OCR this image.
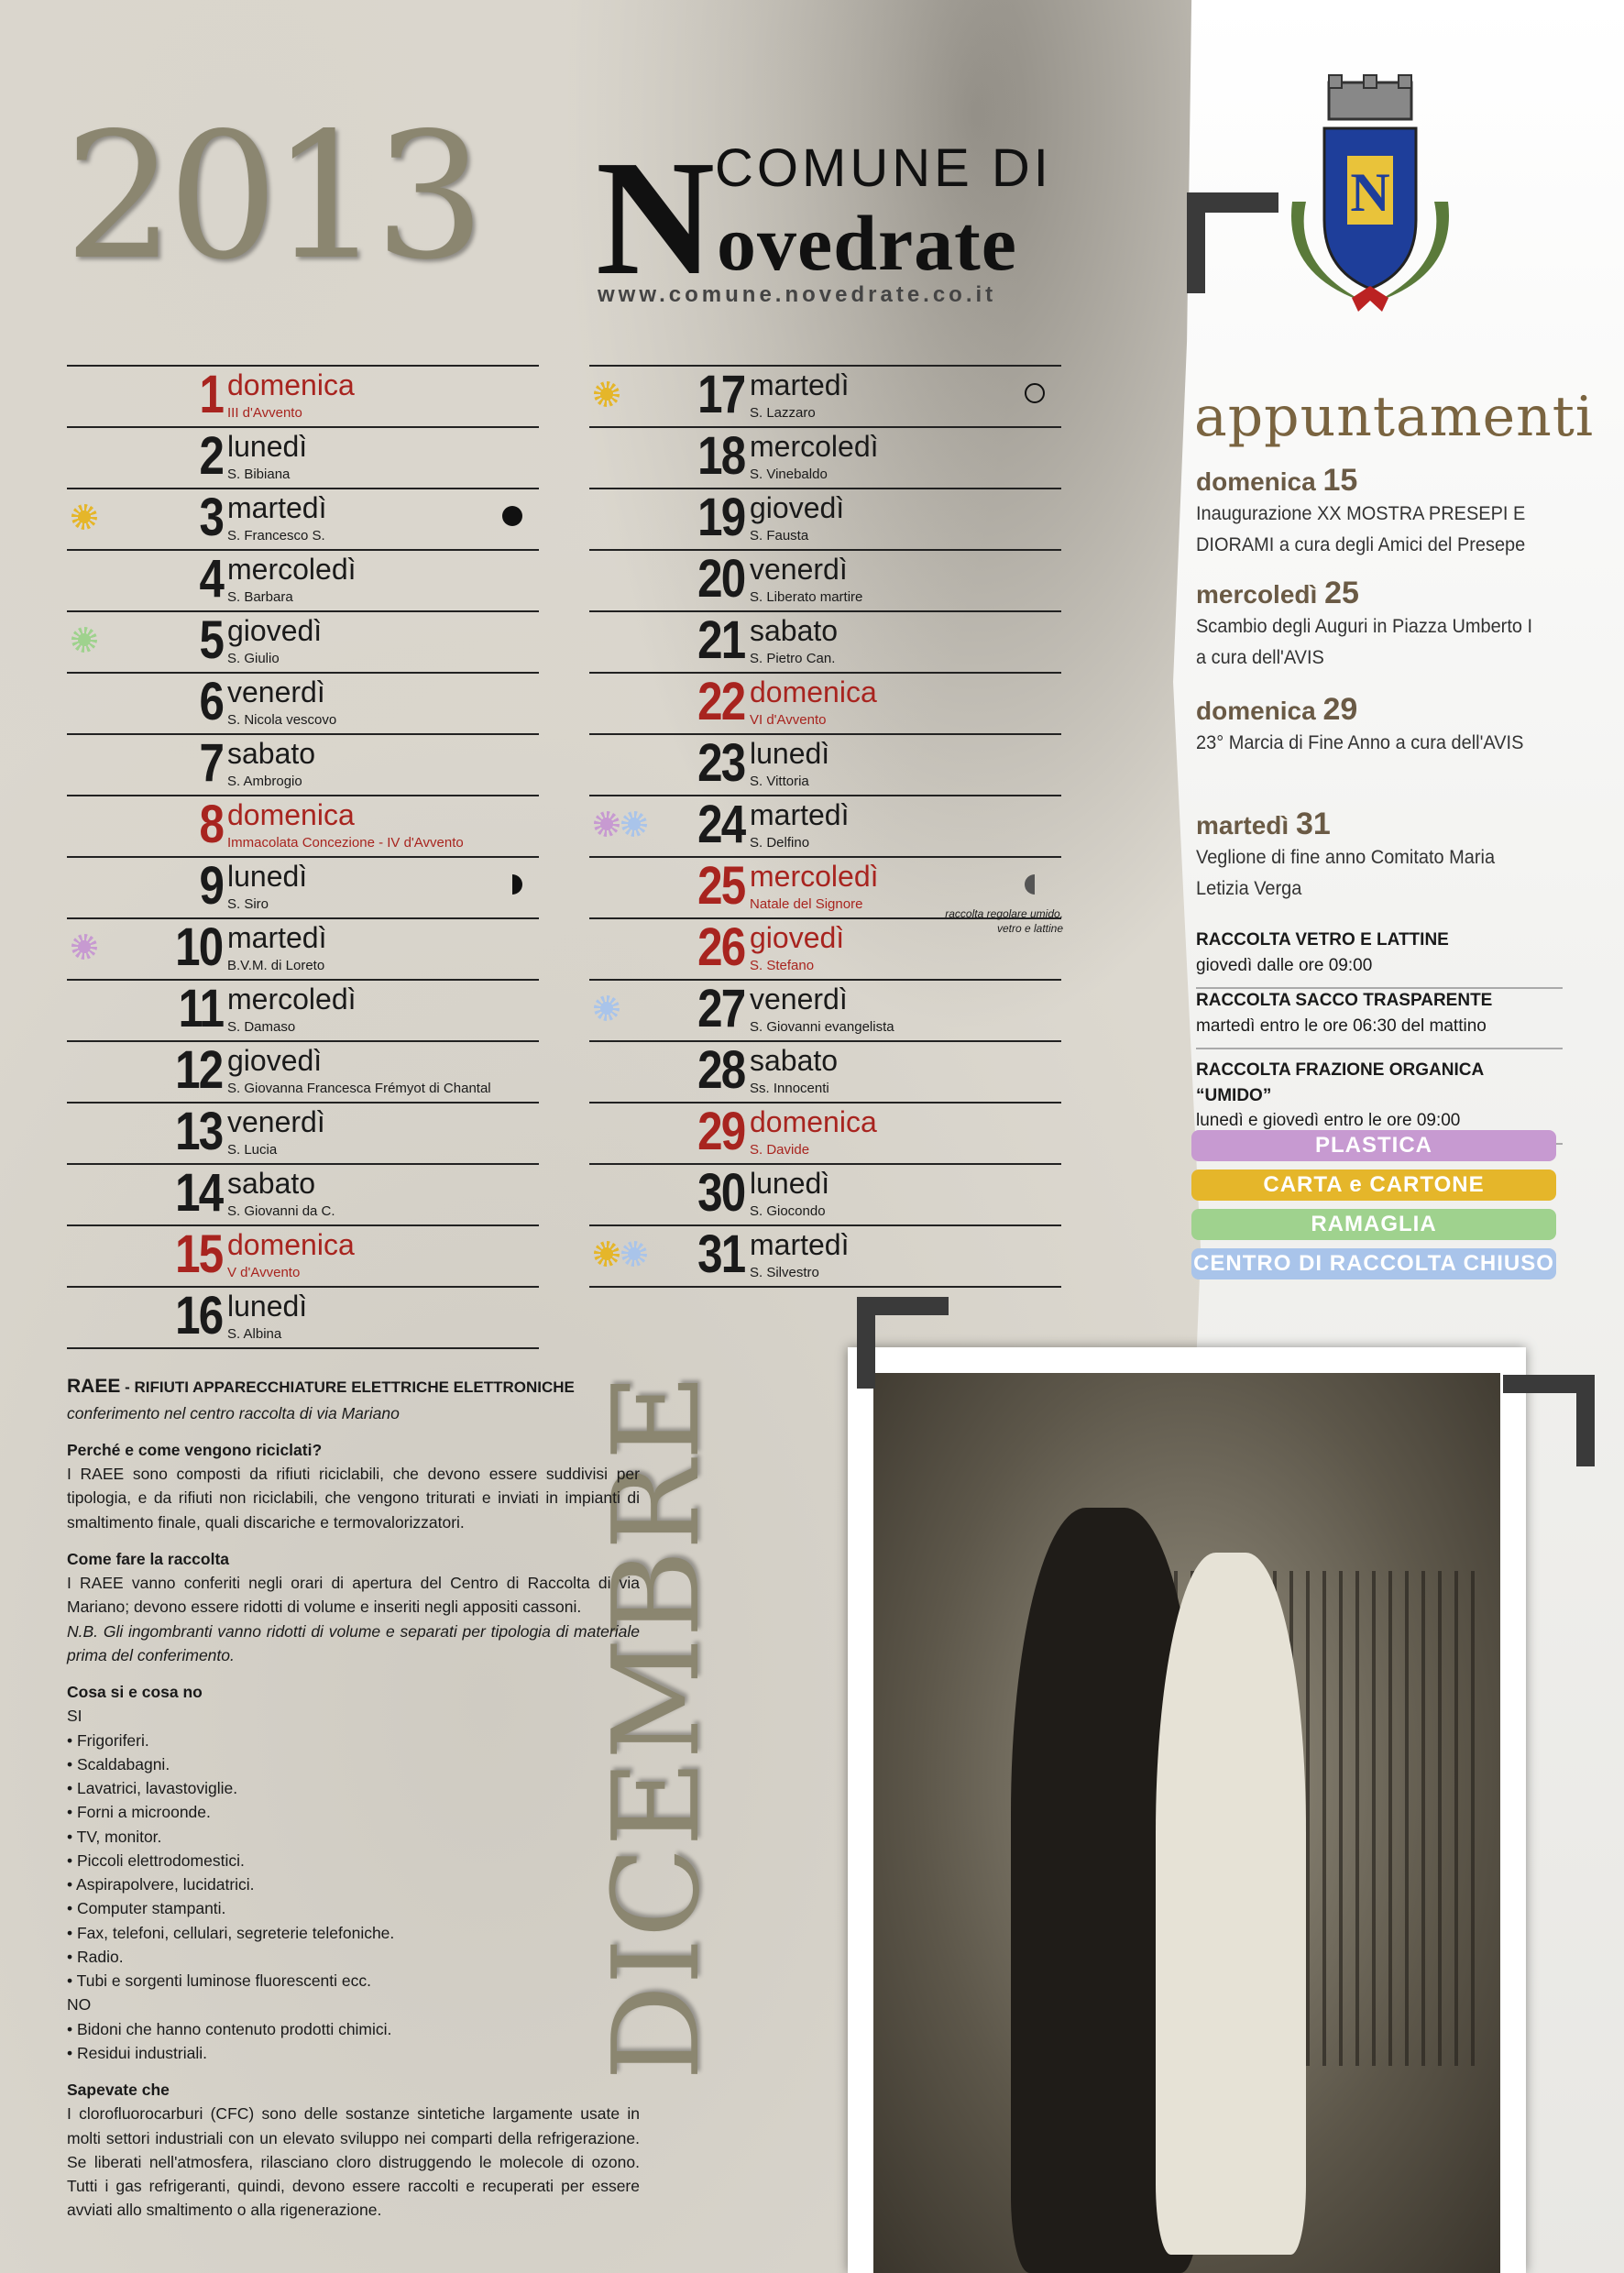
2013 N COMUNE DI
ovedrate
www.comune.novedrate.co.it
N
1 domenica
III d'Avvento
2 lunedì
S. Bibiana
3 martedì
S. Francesco S.
4 mercoledì
S. Barbara
5 giovedì
S. Giulio
6 venerdì
S. Nicola vescovo
7 sabato
S. Ambrogio
8 domenica
Immacolata Concezione - IV d'Avvento
9 lunedì
S. Siro
10 martedì
B.V.M. di Loreto
11 mercoledì
S. Damaso
12 giovedì
S. Giovanna Francesca Frémyot di Chantal
13 venerdì
S. Lucia
14 sabato
S. Giovanni da C.
15 domenica
V d'Avvento
16 lunedì
S. Albina
17 martedì
S. Lazzaro
18 mercoledì
S. Vinebaldo
19 giovedì
S. Fausta
20 venerdì
S. Liberato martire
21 sabato
S. Pietro Can.
22 domenica
VI d'Avvento
23 lunedì
S. Vittoria
24 martedì
S. Delfino
25 mercoledì
Natale del Signore
26 giovedì
S. Stefano
27 venerdì
S. Giovanni evangelista
28 sabato
Ss. Innocenti
29 domenica
S. Davide
30 lunedì
S. Giocondo
31 martedì
S. Silvestro
raccolta regolare umido, vetro e lattine
appuntamenti
domenica 15
Inaugurazione XX MOSTRA PRESEPI E DIORAMI a cura degli Amici del Presepe
mercoledì 25
Scambio degli Auguri in Piazza Umberto I a cura dell'AVIS
domenica 29
23° Marcia di Fine Anno a cura dell'AVIS
martedì 31
Veglione di fine anno Comitato Maria Letizia Verga
RACCOLTA VETRO E LATTINE
giovedì dalle ore 09:00
RACCOLTA SACCO TRASPARENTE
martedì entro le ore 06:30 del mattino
RACCOLTA FRAZIONE ORGANICA “UMIDO”
lunedì e giovedì entro le ore 09:00
PLASTICA
CARTA e CARTONE
RAMAGLIA
CENTRO DI RACCOLTA CHIUSO
DICEMBRE
RAEE - RIFIUTI APPARECCHIATURE ELETTRICHE ELETTRONICHE
conferimento nel centro raccolta di via Mariano
Perché e come vengono riciclati?

I RAEE sono composti da rifiuti riciclabili, che devono essere suddivisi per tipologia, e da rifiuti non riciclabili, che vengono triturati e inviati in impianti di smaltimento finale, quali discariche e termovalorizzatori.

Come fare la raccolta

I RAEE vanno conferiti negli orari di apertura del Centro di Raccolta di via Mariano; devono essere ridotti di volume e inseriti negli appositi cassoni.

N.B. Gli ingombranti vanno ridotti di volume e separati per tipologia di materiale prima del conferimento.

Cosa si e cosa no
SI
• Frigoriferi.
• Scaldabagni.
• Lavatrici, lavastoviglie.
• Forni a microonde.
• TV, monitor.
• Piccoli elettrodomestici.
• Aspirapolvere, lucidatrici.
• Computer stampanti.
• Fax, telefoni, cellulari, segreterie telefoniche.
• Radio.
• Tubi e sorgenti luminose fluorescenti ecc.
NO
• Bidoni che hanno contenuto prodotti chimici.
• Residui industriali.
Sapevate che

I clorofluorocarburi (CFC) sono delle sostanze sintetiche largamente usate in molti settori industriali con un elevato sviluppo nei comparti della refrigerazione. Se liberati nell'atmosfera, rilasciano cloro distruggendo le molecole di ozono. Tutti i gas refrigeranti, quindi, devono essere raccolti e recuperati per essere avviati allo smaltimento o alla rigenerazione.
